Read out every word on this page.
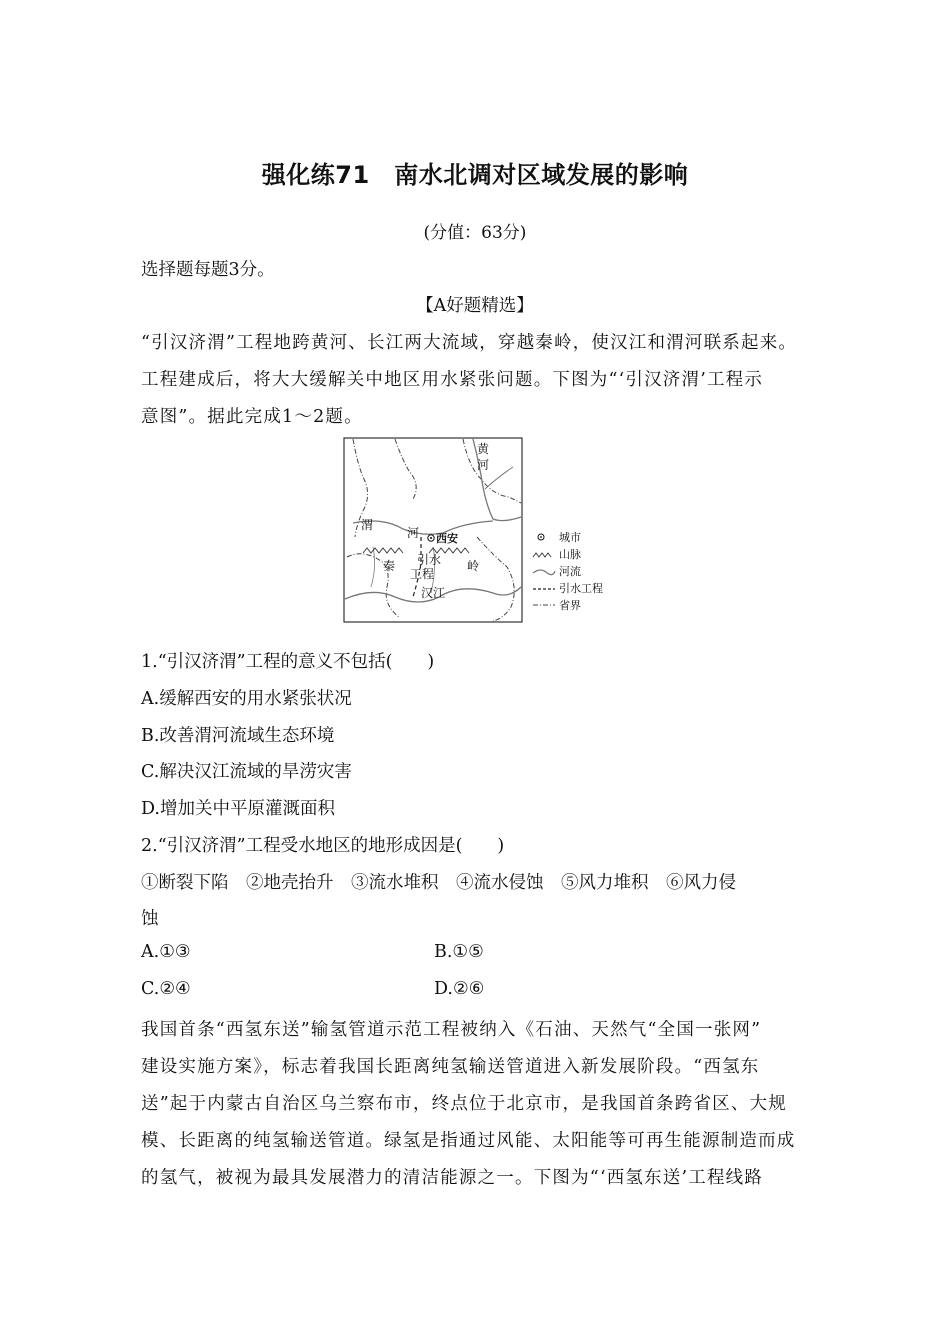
强化练71　南水北调对区域发展的影响
(分值：63分)
选择题每题3分。
【A好题精选】
“引汉济渭”工程地跨黄河、长江两大流域，穿越秦岭，使汉江和渭河联系起来。
工程建成后，将大大缓解关中地区用水紧张问题。下图为“‘引汉济渭’工程示
意图”。据此完成1～2题。
黄
河
渭
河 西安
秦 引水
工程
岭
汉江
城市
山脉
河流
引水工程
省界
1.“引汉济渭”工程的意义不包括(　　)
A.缓解西安的用水紧张状况
B.改善渭河流域生态环境
C.解决汉江流域的旱涝灾害
D.增加关中平原灌溉面积
2.“引汉济渭”工程受水地区的地形成因是(　　)
①断裂下陷　②地壳抬升　③流水堆积　④流水侵蚀　⑤风力堆积　⑥风力侵
蚀
A.①③	B.①⑤
C.②④	D.②⑥
我国首条“西氢东送”输氢管道示范工程被纳入《石油、天然气“全国一张网”
建设实施方案》，标志着我国长距离纯氢输送管道进入新发展阶段。“西氢东
送”起于内蒙古自治区乌兰察布市，终点位于北京市，是我国首条跨省区、大规
模、长距离的纯氢输送管道。绿氢是指通过风能、太阳能等可再生能源制造而成
的氢气，被视为最具发展潜力的清洁能源之一。下图为“‘西氢东送’工程线路
